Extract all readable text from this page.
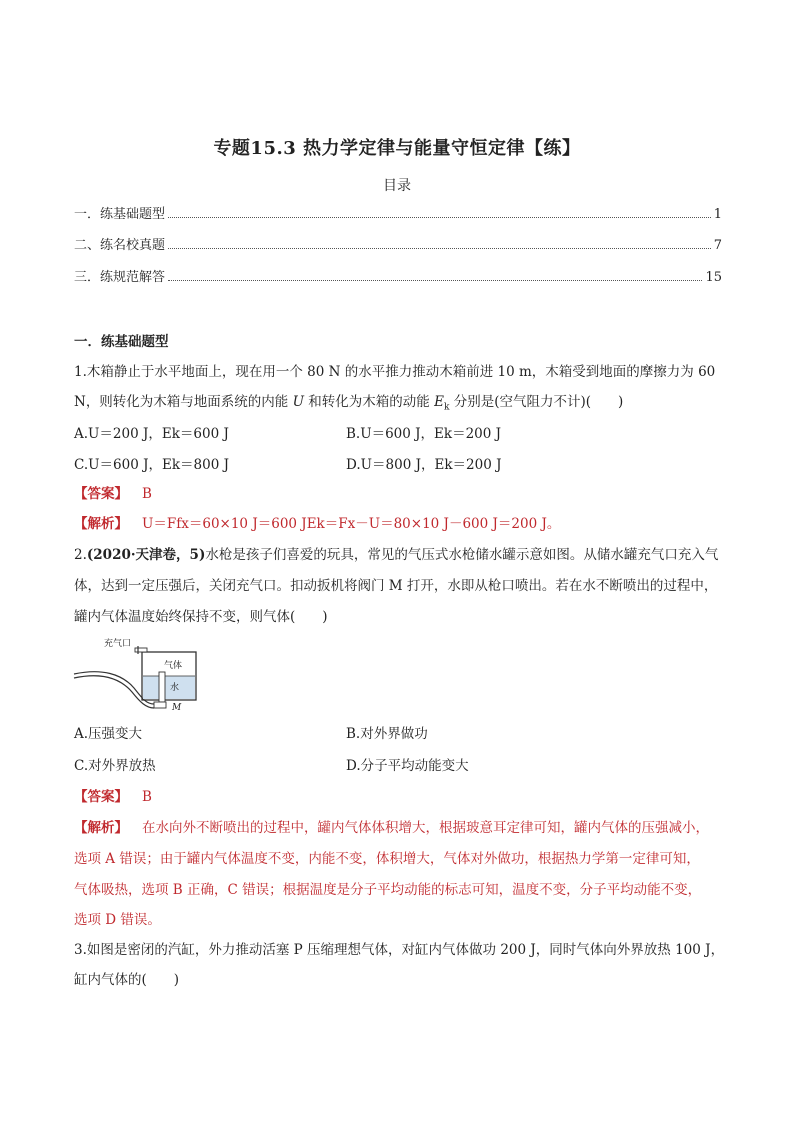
专题15.3 热力学定律与能量守恒定律【练】
目录
一．练基础题型	1
二、练名校真题	7
三．练规范解答	15
一．练基础题型
1.木箱静止于水平地面上，现在用一个 80 N 的水平推力推动木箱前进 10 m，木箱受到地面的摩擦力为 60
N，则转化为木箱与地面系统的内能 U 和转化为木箱的动能 $E_k$ 分别是(空气阻力不计)(　　)
A.U＝200 J，Ek＝600 J	B.U＝600 J，Ek＝200 J
C.U＝600 J，Ek＝800 J	D.U＝800 J，Ek＝200 J
【答案】 B
【解析】 U＝Ffx＝60×10 J＝600 JEk＝Fx－U＝80×10 J－600 J＝200 J。
2.(2020·天津卷，5)水枪是孩子们喜爱的玩具，常见的气压式水枪储水罐示意如图。从储水罐充气口充入气
体，达到一定压强后，关闭充气口。扣动扳机将阀门 M 打开，水即从枪口喷出。若在水不断喷出的过程中，
罐内气体温度始终保持不变，则气体(　　)
充气口
气体
水
M
A.压强变大	B.对外界做功
C.对外界放热	D.分子平均动能变大
【答案】 B
【解析】 在水向外不断喷出的过程中，罐内气体体积增大，根据玻意耳定律可知，罐内气体的压强减小，
选项 A 错误；由于罐内气体温度不变，内能不变，体积增大，气体对外做功，根据热力学第一定律可知，
气体吸热，选项 B 正确，C 错误；根据温度是分子平均动能的标志可知，温度不变，分子平均动能不变，
选项 D 错误。
3.如图是密闭的汽缸，外力推动活塞 P 压缩理想气体，对缸内气体做功 200 J，同时气体向外界放热 100 J，
缸内气体的(　　)
